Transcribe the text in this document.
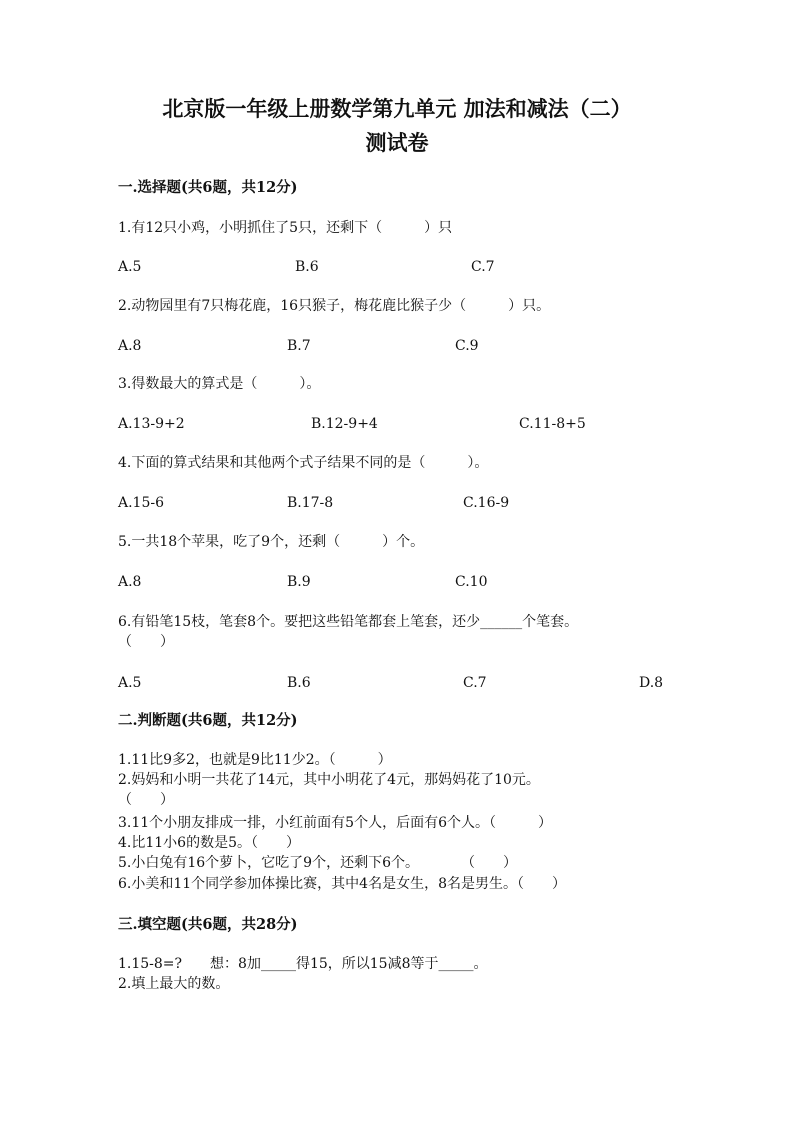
北京版一年级上册数学第九单元 加法和减法（二）
测试卷
一.选择题(共6题，共12分)
1.有12只小鸡，小明抓住了5只，还剩下（　　　）只
A.5	B.6	C.7
2.动物园里有7只梅花鹿，16只猴子，梅花鹿比猴子少（　　　）只。
A.8	B.7	C.9
3.得数最大的算式是（　　　）。
A.13-9+2	B.12-9+4	C.11-8+5
4.下面的算式结果和其他两个式子结果不同的是（　　　）。
A.15-6	B.17-8	C.16-9
5.一共18个苹果，吃了9个，还剩（　　　）个。
A.8	B.9	C.10
6.有铅笔15枝，笔套8个。要把这些铅笔都套上笔套，还少______个笔套。
（　　）
A.5	B.6	C.7	D.8
二.判断题(共6题，共12分)
1.11比9多2，也就是9比11少2。（　　　）
2.妈妈和小明一共花了14元，其中小明花了4元，那妈妈花了10元。
（　　）
3.11个小朋友排成一排，小红前面有5个人，后面有6个人。（　　　）
4.比11小6的数是5。（　　）
5.小白兔有16个萝卜，它吃了9个，还剩下6个。　　　　（　　）
6.小美和11个同学参加体操比赛，其中4名是女生，8名是男生。（　　）
三.填空题(共6题，共28分)
1.15-8=?　　想：8加_____得15，所以15减8等于_____。
2.填上最大的数。
